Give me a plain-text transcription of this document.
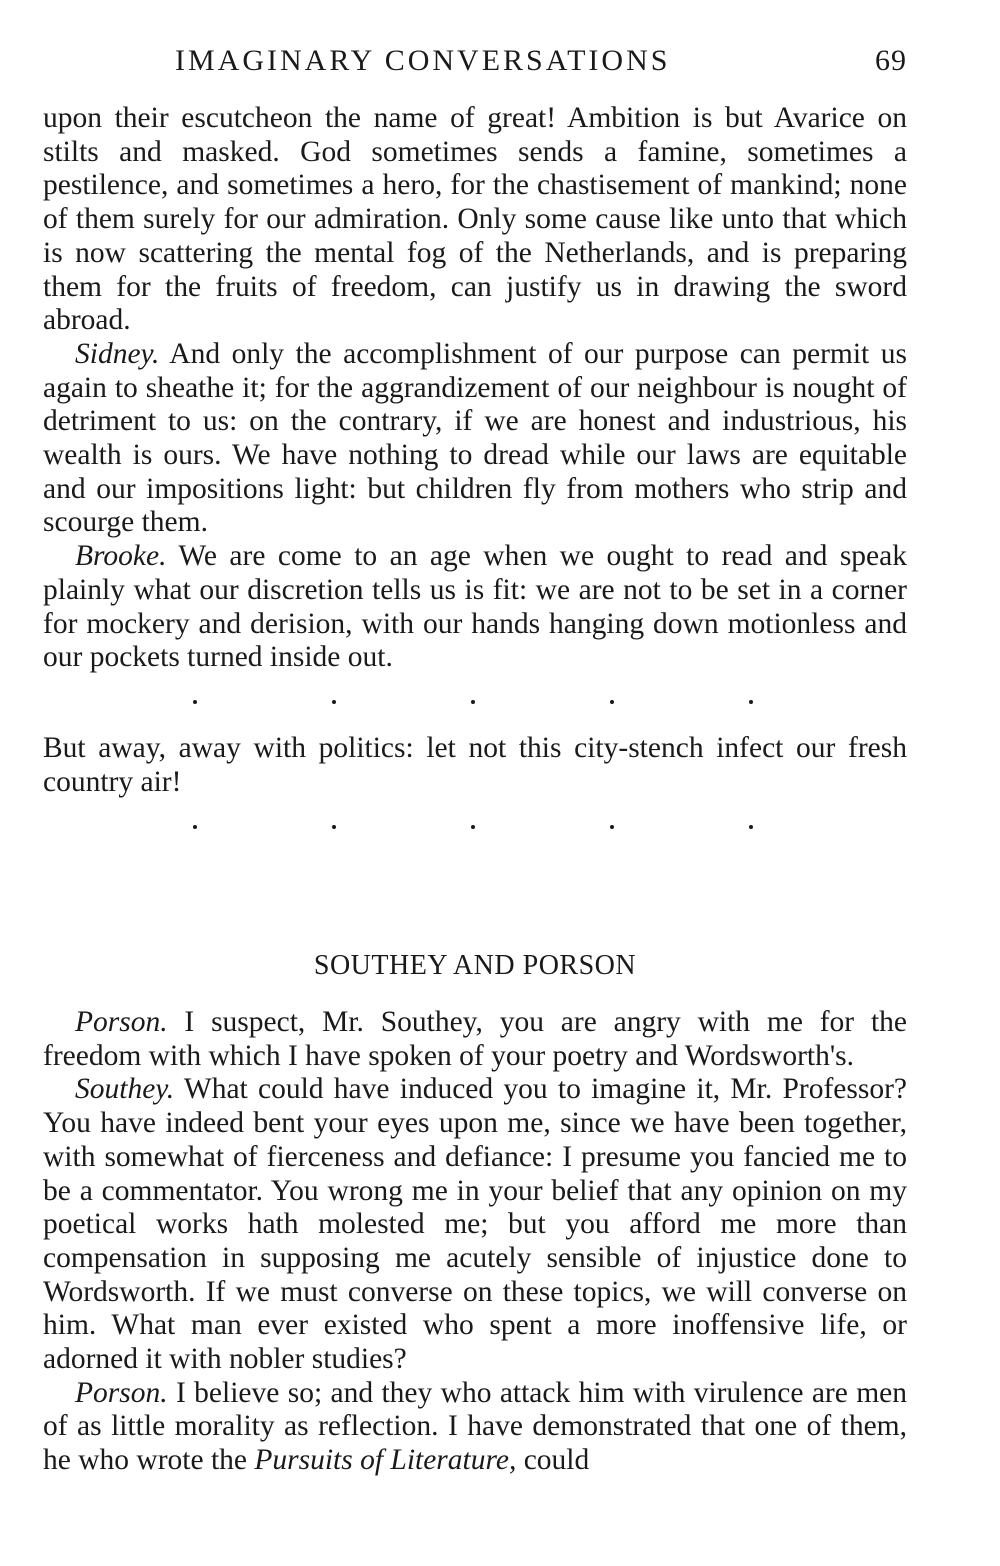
IMAGINARY CONVERSATIONS	69

upon their escutcheon the name of great! Ambition is but Avarice on stilts and masked. God sometimes sends a famine, sometimes a pestilence, and sometimes a hero, for the chastisement of mankind; none of them surely for our admiration. Only some cause like unto that which is now scattering the mental fog of the Netherlands, and is preparing them for the fruits of freedom, can justify us in drawing the sword abroad.

Sidney. And only the accomplishment of our purpose can permit us again to sheathe it; for the aggrandizement of our neighbour is nought of detriment to us: on the contrary, if we are honest and industrious, his wealth is ours. We have nothing to dread while our laws are equitable and our impositions light: but children fly from mothers who strip and scourge them.

Brooke. We are come to an age when we ought to read and speak plainly what our discretion tells us is fit: we are not to be set in a corner for mockery and derision, with our hands hanging down motionless and our pockets turned inside out.

But away, away with politics: let not this city-stench infect our fresh country air!

SOUTHEY AND PORSON

Porson. I suspect, Mr. Southey, you are angry with me for the freedom with which I have spoken of your poetry and Wordsworth's.

Southey. What could have induced you to imagine it, Mr. Professor? You have indeed bent your eyes upon me, since we have been together, with somewhat of fierceness and defiance: I presume you fancied me to be a commentator. You wrong me in your belief that any opinion on my poetical works hath molested me; but you afford me more than compensation in supposing me acutely sensible of injustice done to Wordsworth. If we must converse on these topics, we will converse on him. What man ever existed who spent a more inoffensive life, or adorned it with nobler studies?

Porson. I believe so; and they who attack him with virulence are men of as little morality as reflection. I have demonstrated that one of them, he who wrote the Pursuits of Literature, could
